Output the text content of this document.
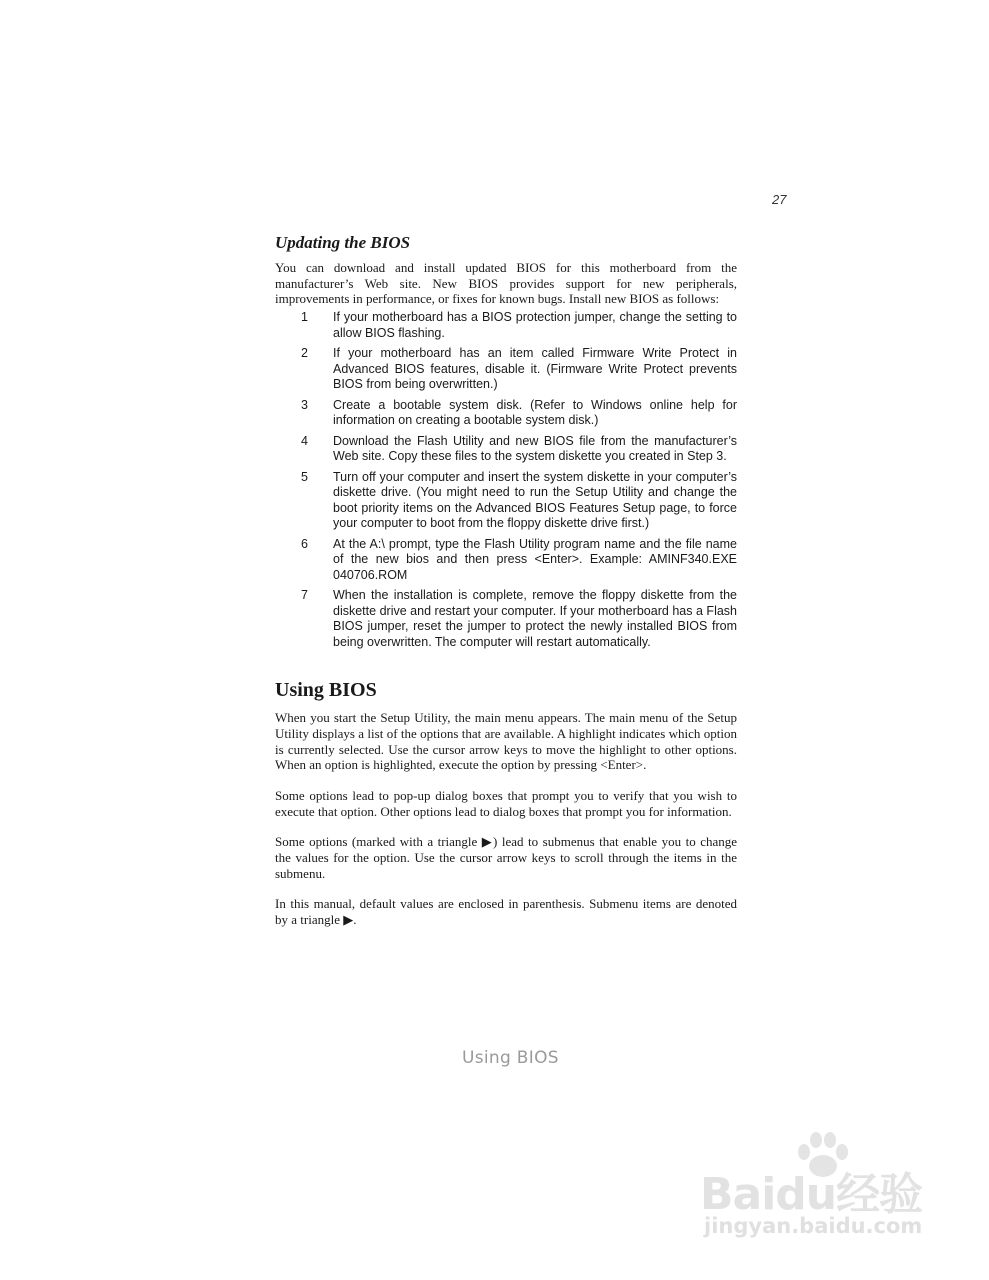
27
Updating the BIOS

You can download and install updated BIOS for this motherboard from the manufacturer’s Web site. New BIOS provides support for new peripherals, improvements in performance, or fixes for known bugs. Install new BIOS as follows:

1	If your motherboard has a BIOS protection jumper, change the setting to allow BIOS flashing.
2	If your motherboard has an item called Firmware Write Protect in Advanced BIOS features, disable it. (Firmware Write Protect prevents BIOS from being overwritten.)
3	Create a bootable system disk. (Refer to Windows online help for information on creating a bootable system disk.)
4	Download the Flash Utility and new BIOS file from the manufacturer’s Web site. Copy these files to the system diskette you created in Step 3.
5	Turn off your computer and insert the system diskette in your computer’s diskette drive. (You might need to run the Setup Utility and change the boot priority items on the Advanced BIOS Features Setup page, to force your computer to boot from the floppy diskette drive first.)
6	At the A:\ prompt, type the Flash Utility program name and the file name of the new bios and then press <Enter>. Example: AMINF340.EXE 040706.ROM
7	When the installation is complete, remove the floppy diskette from the diskette drive and restart your computer. If your motherboard has a Flash BIOS jumper, reset the jumper to protect the newly installed BIOS from being overwritten. The computer will restart automatically.
Using BIOS

When you start the Setup Utility, the main menu appears. The main menu of the Setup Utility displays a list of the options that are available. A highlight indicates which option is currently selected. Use the cursor arrow keys to move the highlight to other options. When an option is highlighted, execute the option by pressing <Enter>.

Some options lead to pop-up dialog boxes that prompt you to verify that you wish to execute that option. Other options lead to dialog boxes that prompt you for information.

Some options (marked with a triangle ▶) lead to submenus that enable you to change the values for the option. Use the cursor arrow keys to scroll through the items in the submenu.

In this manual, default values are enclosed in parenthesis. Submenu items are denoted by a triangle ▶.

Using BIOS
Baidu经验
jingyan.baidu.com
